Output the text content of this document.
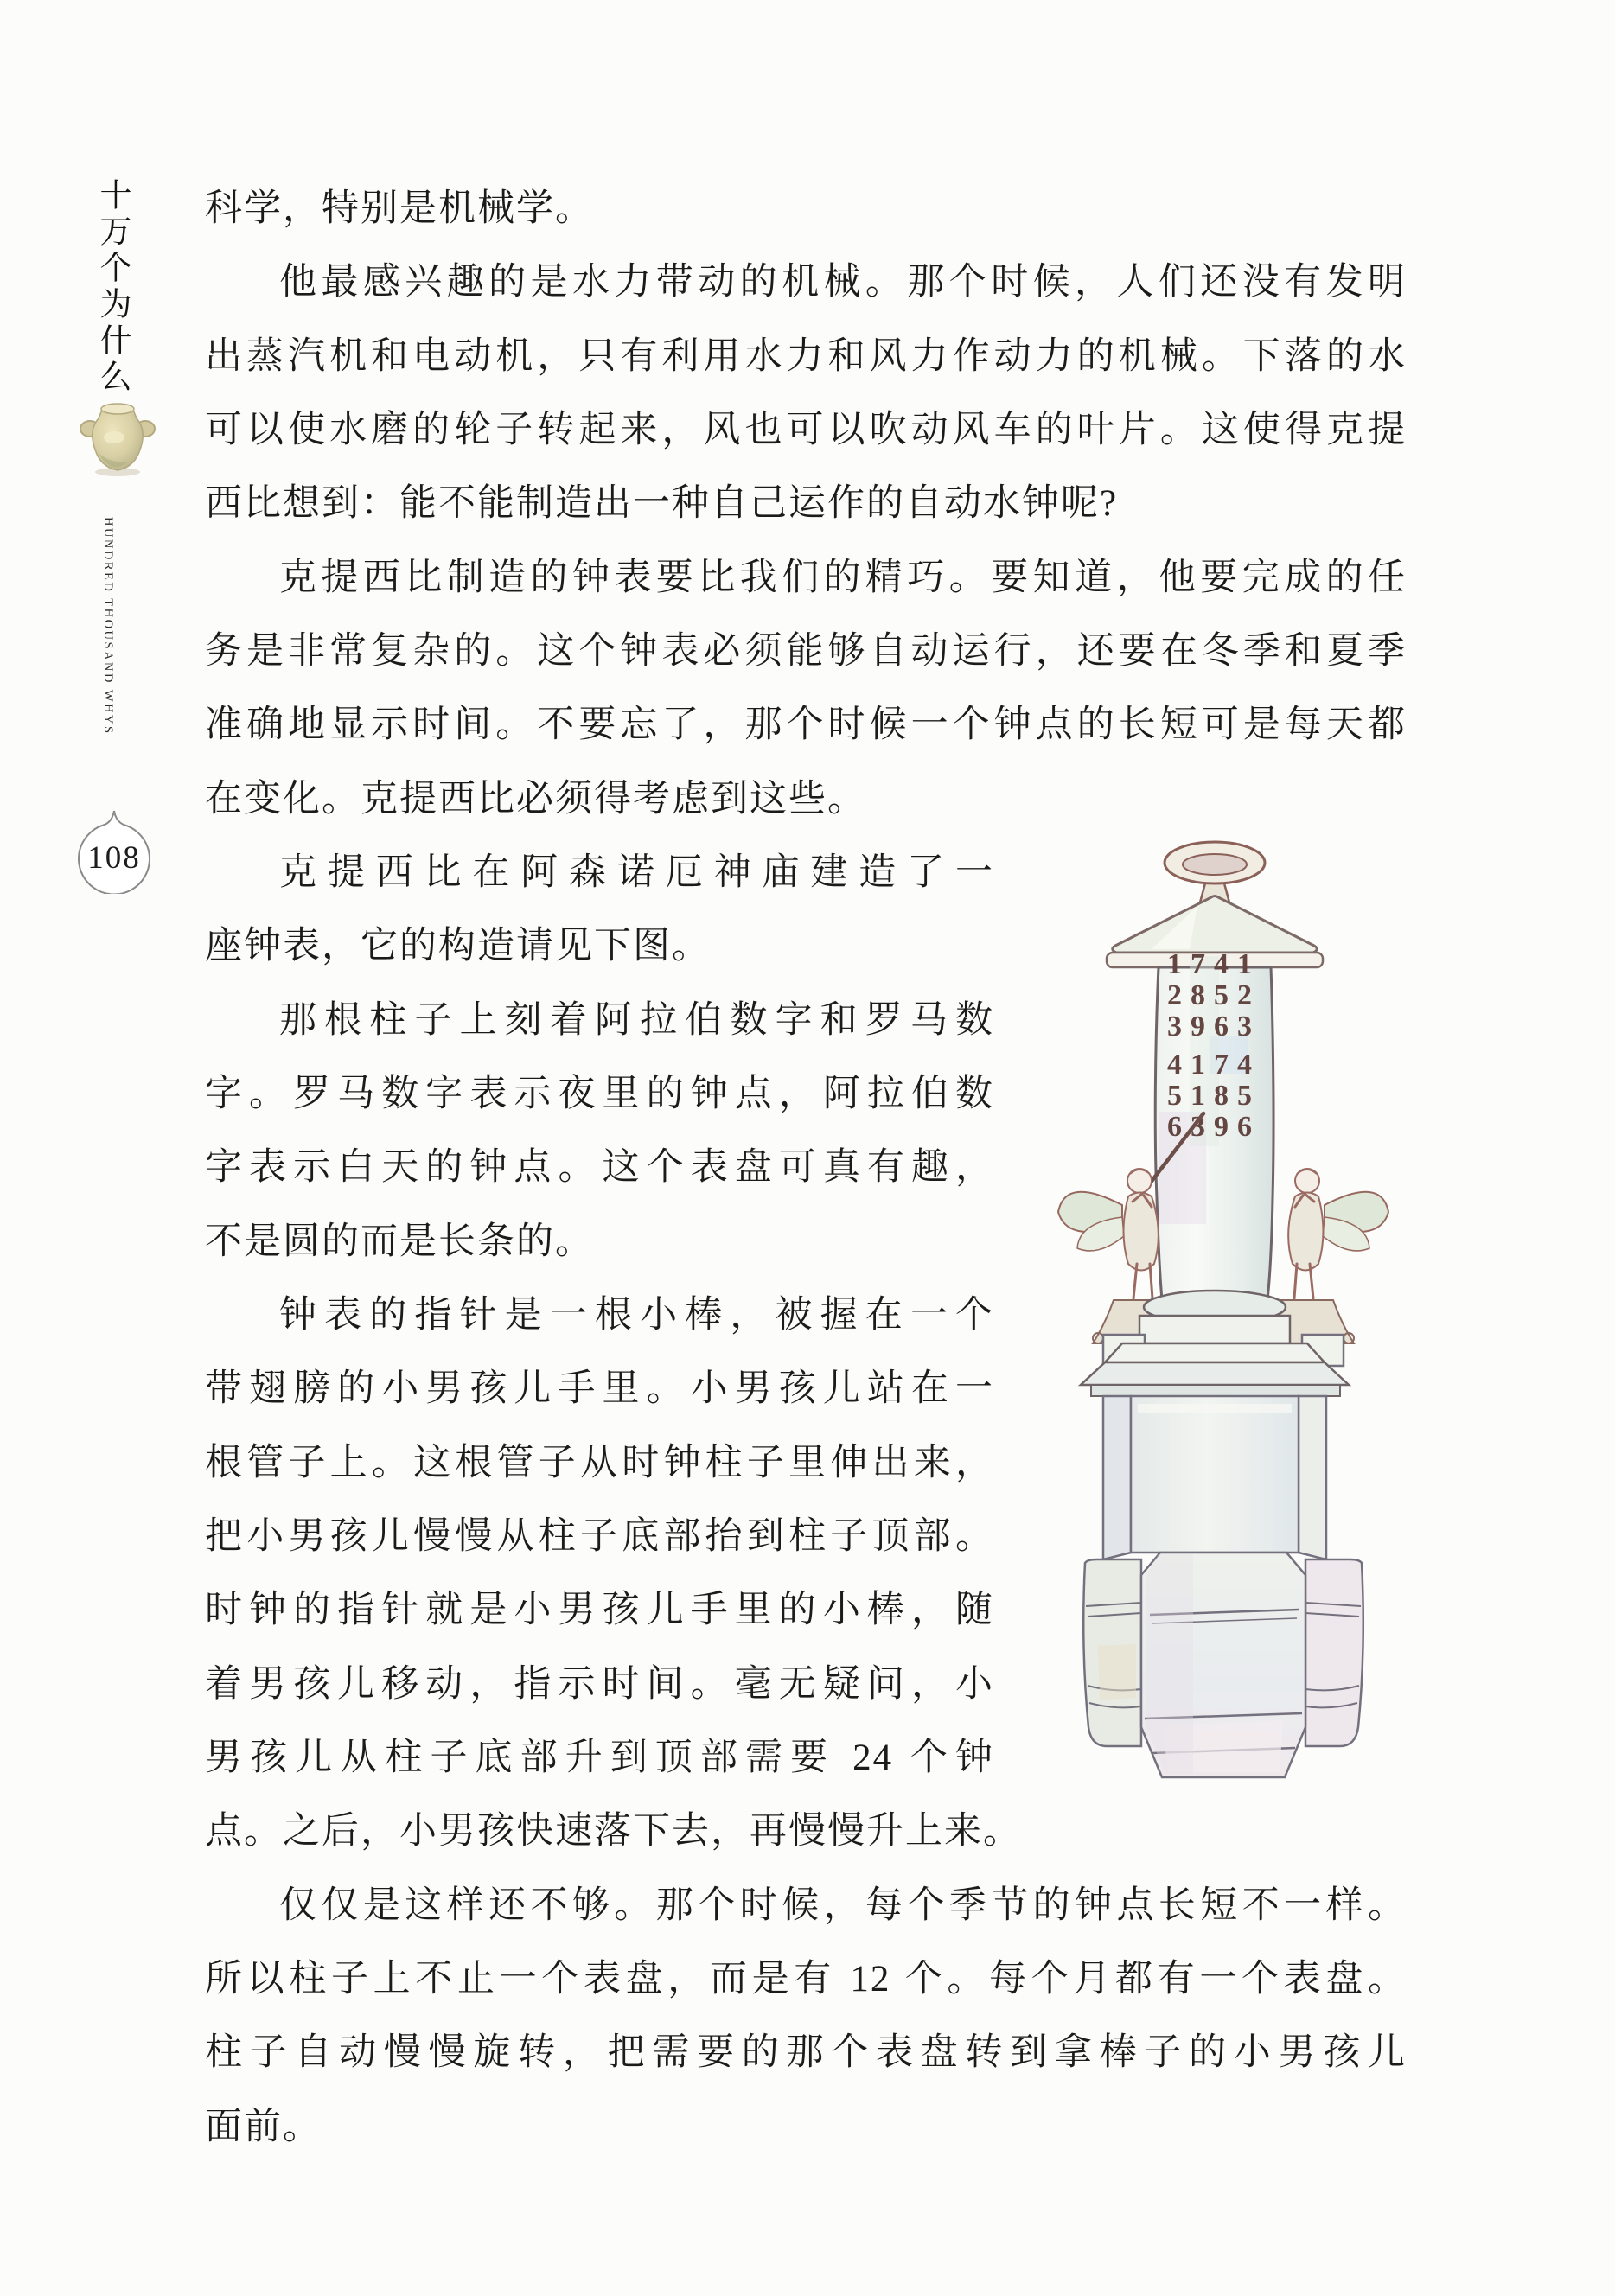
十万个为什么
HUNDRED THOUSAND WHYS
108
科学，特别是机械学。
他最感兴趣的是水力带动的机械。那个时候，人们还没有发明
出蒸汽机和电动机，只有利用水力和风力作动力的机械。下落的水
可以使水磨的轮子转起来，风也可以吹动风车的叶片。这使得克提
西比想到：能不能制造出一种自己运作的自动水钟呢?
克提西比制造的钟表要比我们的精巧。要知道，他要完成的任
务是非常复杂的。这个钟表必须能够自动运行，还要在冬季和夏季
准确地显示时间。不要忘了，那个时候一个钟点的长短可是每天都
在变化。克提西比必须得考虑到这些。
克提西比在阿森诺厄神庙建造了一
座钟表，它的构造请见下图。
那根柱子上刻着阿拉伯数字和罗马数
字。罗马数字表示夜里的钟点，阿拉伯数
字表示白天的钟点。这个表盘可真有趣，
不是圆的而是长条的。
钟表的指针是一根小棒，被握在一个
带翅膀的小男孩儿手里。小男孩儿站在一
根管子上。这根管子从时钟柱子里伸出来，
把小男孩儿慢慢从柱子底部抬到柱子顶部。
时钟的指针就是小男孩儿手里的小棒，随
着男孩儿移动，指示时间。毫无疑问，小
男孩儿从柱子底部升到顶部需要 24 个钟
点。之后，小男孩快速落下去，再慢慢升上来。
仅仅是这样还不够。那个时候，每个季节的钟点长短不一样。
所以柱子上不止一个表盘，而是有 12 个。每个月都有一个表盘。
柱子自动慢慢旋转，把需要的那个表盘转到拿棒子的小男孩儿
面前。
1741
2852
3963
4174
5185
6396
